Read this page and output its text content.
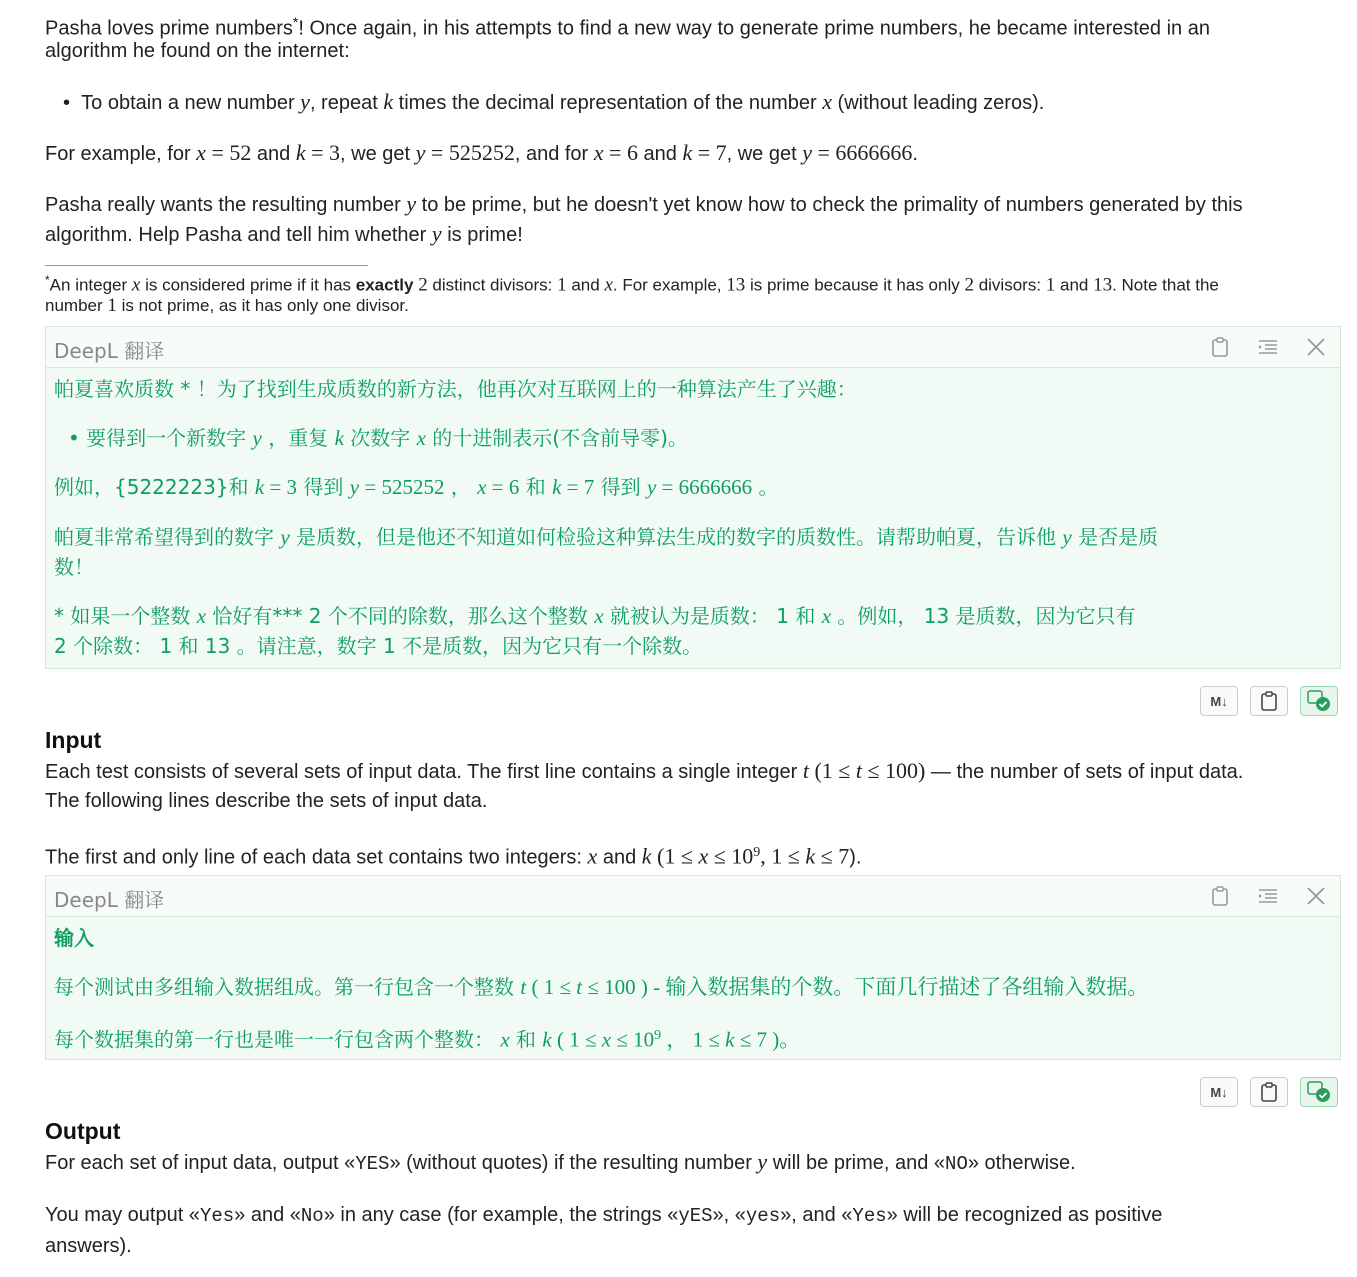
Pasha loves prime numbers*! Once again, in his attempts to find a new way to generate prime numbers, he became interested in an
algorithm he found on the internet:
• To obtain a new number y, repeat k times the decimal representation of the number x (without leading zeros).
For example, for x = 52 and k = 3, we get y = 525252, and for x = 6 and k = 7, we get y = 6666666.
Pasha really wants the resulting number y to be prime, but he doesn't yet know how to check the primality of numbers generated by this
algorithm. Help Pasha and tell him whether y is prime!
*An integer x is considered prime if it has exactly 2 distinct divisors: 1 and x. For example, 13 is prime because it has only 2 divisors: 1 and 13. Note that the
number 1 is not prime, as it has only one divisor.
DeepL 翻译
帕夏喜欢质数 * ！为了找到生成质数的新方法，他再次对互联网上的一种算法产生了兴趣：
• 要得到一个新数字 y ，重复 k 次数字 x 的十进制表示(不含前导零)。
例如，{5222223}和 k = 3 得到 y = 525252 ， x = 6 和 k = 7 得到 y = 6666666 。
帕夏非常希望得到的数字 y 是质数，但是他还不知道如何检验这种算法生成的数字的质数性。请帮助帕夏，告诉他 y 是否是质
数！
* 如果一个整数 x 恰好有*** 2 个不同的除数，那么这个整数 x 就被认为是质数： 1 和 x 。例如， 13 是质数，因为它只有
2 个除数： 1 和 13 。请注意，数字 1 不是质数，因为它只有一个除数。
M↓
Input
Each test consists of several sets of input data. The first line contains a single integer t (1 ≤ t ≤ 100) — the number of sets of input data.
The following lines describe the sets of input data.
The first and only line of each data set contains two integers: x and k ($1 \le x \le 10^9$, 1 ≤ k ≤ 7).
DeepL 翻译
输入
每个测试由多组输入数据组成。第一行包含一个整数 t ( 1 ≤ t ≤ 100 ) - 输入数据集的个数。下面几行描述了各组输入数据。
每个数据集的第一行也是唯一一行包含两个整数： x 和 k ( $1 \le x \le 10^9$ ， 1 ≤ k ≤ 7 )。
M↓
Output
For each set of input data, output «YES» (without quotes) if the resulting number y will be prime, and «NO» otherwise.
You may output «Yes» and «No» in any case (for example, the strings «yES», «yes», and «Yes» will be recognized as positive
answers).
